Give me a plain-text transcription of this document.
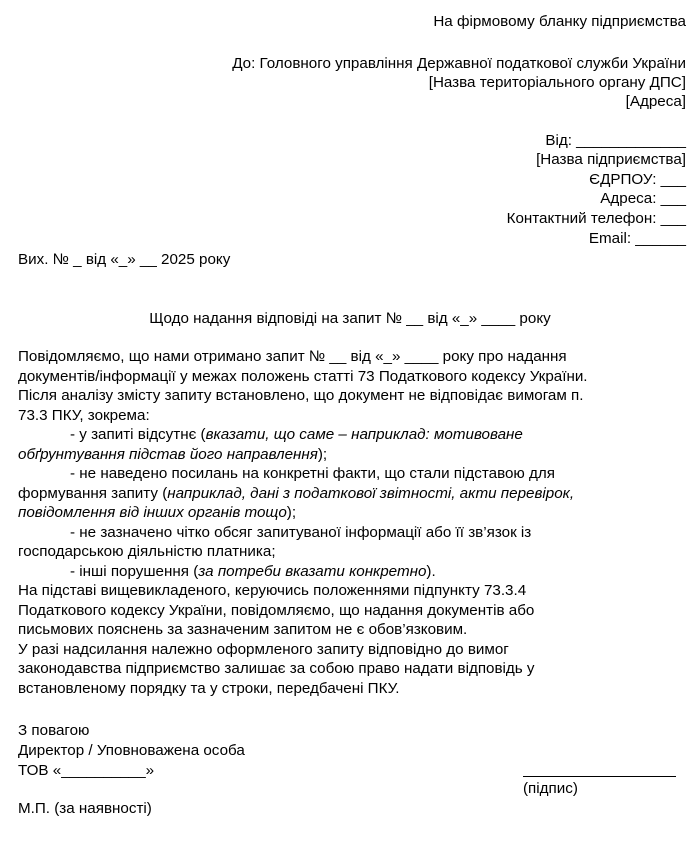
На фірмовому бланку підприємства
До: Головного управління Державної податкової служби України
[Назва територіального органу ДПС]
[Адреса]
Від: _____________
[Назва підприємства]
ЄДРПОУ: ___
Адреса: ___
Контактний телефон: ___
Email: ______
Вих. № _ від «_» __ 2025 року
Щодо надання відповіді на запит № __ від «_» ____ року

Повідомляємо, що нами отримано запит № __ від «_» ____ року про надання

документів/інформації у межах положень статті 73 Податкового кодексу України.

Після аналізу змісту запиту встановлено, що документ не відповідає вимогам п.

73.3 ПКУ, зокрема:

- у запиті відсутнє (вказати, що саме – наприклад: мотивоване

обґрунтування підстав його направлення);

- не наведено посилань на конкретні факти, що стали підставою для

формування запиту (наприклад, дані з податкової звітності, акти перевірок,

повідомлення від інших органів тощо);

- не зазначено чітко обсяг запитуваної інформації або її зв’язок із

господарською діяльністю платника;

- інші порушення (за потреби вказати конкретно).

На підставі вищевикладеного, керуючись положеннями підпункту 73.3.4

Податкового кодексу України, повідомляємо, що надання документів або

письмових пояснень за зазначеним запитом не є обов’язковим.

У разі надсилання належно оформленого запиту відповідно до вимог

законодавства підприємство залишає за собою право надати відповідь у

встановленому порядку та у строки, передбачені ПКУ.

З повагою
Директор / Уповноважена особа
ТОВ «__________»
(підпис)
М.П. (за наявності)
